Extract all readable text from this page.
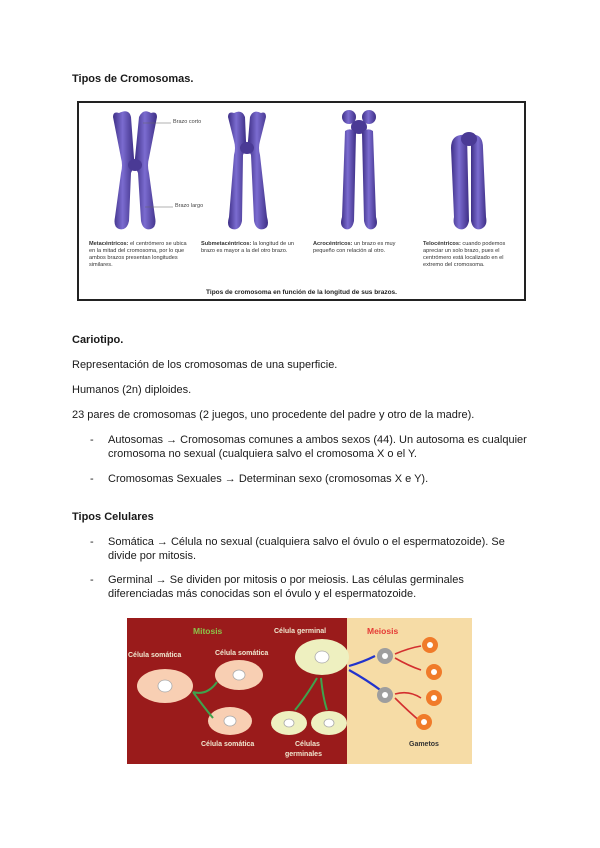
Tipos de Cromosomas.
Brazo corto
Brazo largo
Metacéntricos: el centrómero se ubica en la mitad del cromosoma, por lo que ambos brazos presentan longitudes similares.
Submetacéntricos: la longitud de un brazo es mayor a la del otro brazo.
Acrocéntricos: un brazo es muy pequeño con relación al otro.
Telocéntricos: cuando podemos apreciar un solo brazo, pues el centrómero está localizado en el extremo del cromosoma.
Tipos de cromosoma en función de la longitud de sus brazos.
Cariotipo.
Representación de los cromosomas de una superficie.
Humanos (2n) diploides.
23 pares de cromosomas (2 juegos, uno procedente del padre y otro de la madre).
- Autosomas → Cromosomas comunes a ambos sexos (44). Un autosoma es cualquier cromosoma no sexual (cualquiera salvo el cromosoma X o el Y.
- Cromosomas Sexuales → Determinan sexo (cromosomas X e Y).
Tipos Celulares
- Somática → Célula no sexual (cualquiera salvo el óvulo o el espermatozoide). Se divide por mitosis.
- Germinal → Se dividen por mitosis o por meiosis. Las células germinales diferenciadas más conocidas son el óvulo y el espermatozoide.
Mitosis	Meiosis
Célula germinal
Célula somática	Célula somática
Célula somática	Células
germinales
Gametos
